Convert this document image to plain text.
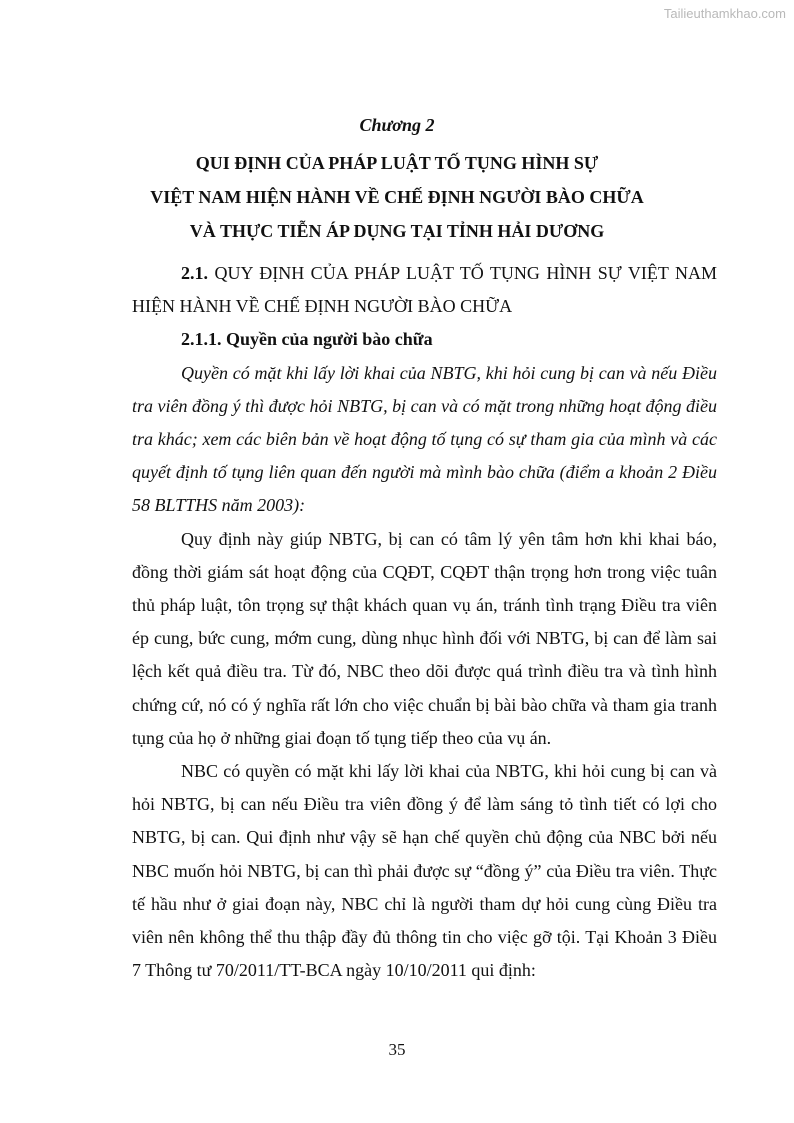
Tailieuthamkhao.com
Chương 2
QUI ĐỊNH CỦA PHÁP LUẬT TỐ TỤNG HÌNH SỰ
VIỆT NAM HIỆN HÀNH VỀ CHẾ ĐỊNH NGƯỜI BÀO CHỮA
VÀ THỰC TIỄN ÁP DỤNG TẠI TỈNH HẢI DƯƠNG

2.1. QUY ĐỊNH CỦA PHÁP LUẬT TỐ TỤNG HÌNH SỰ VIỆT NAM

HIỆN HÀNH VỀ CHẾ ĐỊNH NGƯỜI BÀO CHỮA

2.1.1. Quyền của người bào chữa

Quyền có mặt khi lấy lời khai của NBTG, khi hỏi cung bị can và nếu Điều tra viên đồng ý thì được hỏi NBTG, bị can và có mặt trong những hoạt động điều tra khác; xem các biên bản về hoạt động tố tụng có sự tham gia của mình và các quyết định tố tụng liên quan đến người mà mình bào chữa (điểm a khoản 2 Điều 58 BLTTHS năm 2003):

Quy định này giúp NBTG, bị can có tâm lý yên tâm hơn khi khai báo, đồng thời giám sát hoạt động của CQĐT, CQĐT thận trọng hơn trong việc tuân thủ pháp luật, tôn trọng sự thật khách quan vụ án, tránh tình trạng Điều tra viên ép cung, bức cung, mớm cung, dùng nhục hình đối với NBTG, bị can để làm sai lệch kết quả điều tra. Từ đó, NBC theo dõi được quá trình điều tra và tình hình chứng cứ, nó có ý nghĩa rất lớn cho việc chuẩn bị bài bào chữa và tham gia tranh tụng của họ ở những giai đoạn tố tụng tiếp theo của vụ án.

NBC có quyền có mặt khi lấy lời khai của NBTG, khi hỏi cung bị can và hỏi NBTG, bị can nếu Điều tra viên đồng ý để làm sáng tỏ tình tiết có lợi cho NBTG, bị can. Qui định như vậy sẽ hạn chế quyền chủ động của NBC bởi nếu NBC muốn hỏi NBTG, bị can thì phải được sự “đồng ý” của Điều tra viên. Thực tế hầu như ở giai đoạn này, NBC chỉ là người tham dự hỏi cung cùng Điều tra viên nên không thể thu thập đầy đủ thông tin cho việc gỡ tội. Tại Khoản 3 Điều 7 Thông tư 70/2011/TT-BCA ngày 10/10/2011 qui định:

35
